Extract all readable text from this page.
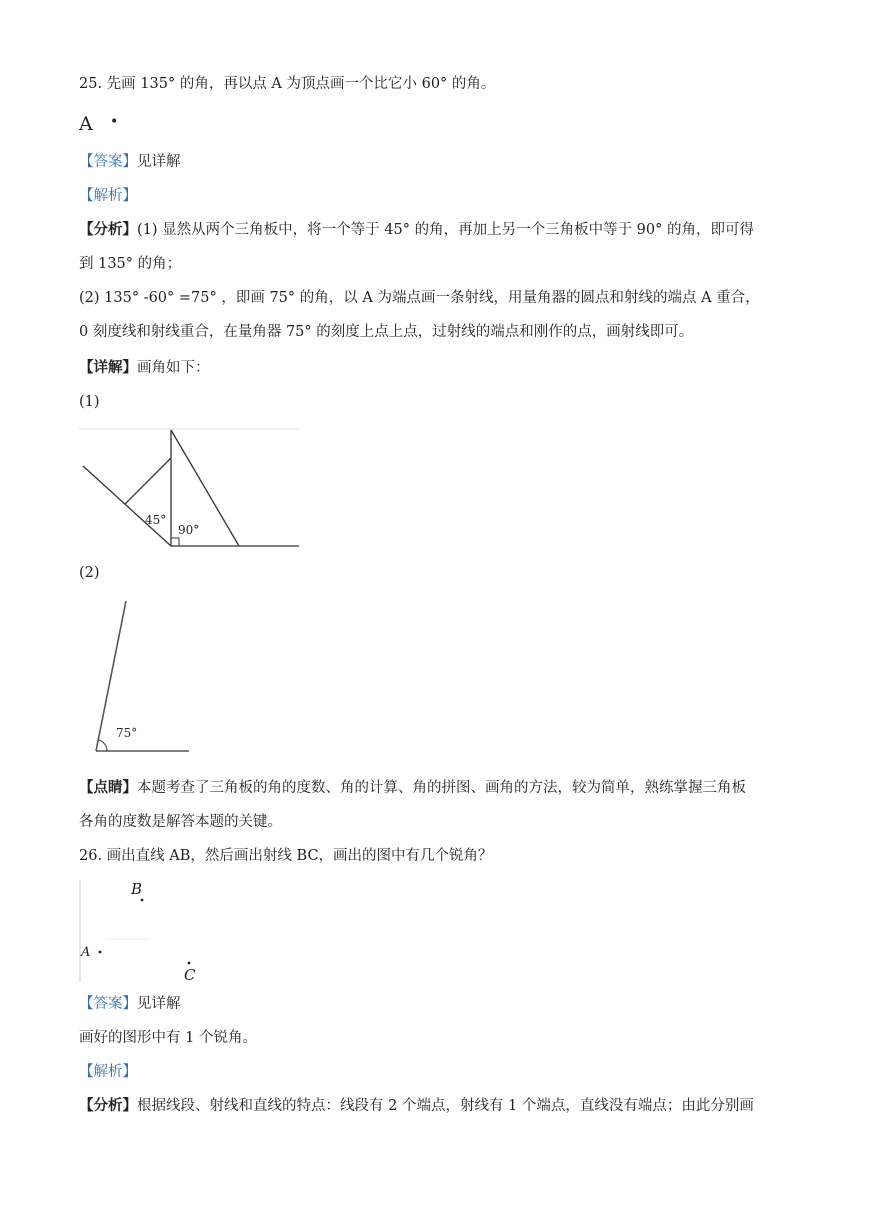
25. 先画 135° 的角，再以点 A 为顶点画一个比它小 60° 的角。
A •
【答案】见详解
【解析】
【分析】(1) 显然从两个三角板中，将一个等于 45° 的角，再加上另一个三角板中等于 90° 的角，即可得
到 135° 的角；
(2) 135° -60° =75° ，即画 75° 的角，以 A 为端点画一条射线，用量角器的圆点和射线的端点 A 重合，
0 刻度线和射线重合，在量角器 75° 的刻度上点上点，过射线的端点和刚作的点，画射线即可。
【详解】画角如下：
(1)
45°
90°
(2)
75°
【点睛】本题考查了三角板的角的度数、角的计算、角的拼图、画角的方法，较为简单，熟练掌握三角板
各角的度数是解答本题的关键。
26. 画出直线 AB，然后画出射线 BC，画出的图中有几个锐角？
B
A
C
【答案】见详解
画好的图形中有 1 个锐角。
【解析】
【分析】根据线段、射线和直线的特点：线段有 2 个端点，射线有 1 个端点，直线没有端点；由此分别画
